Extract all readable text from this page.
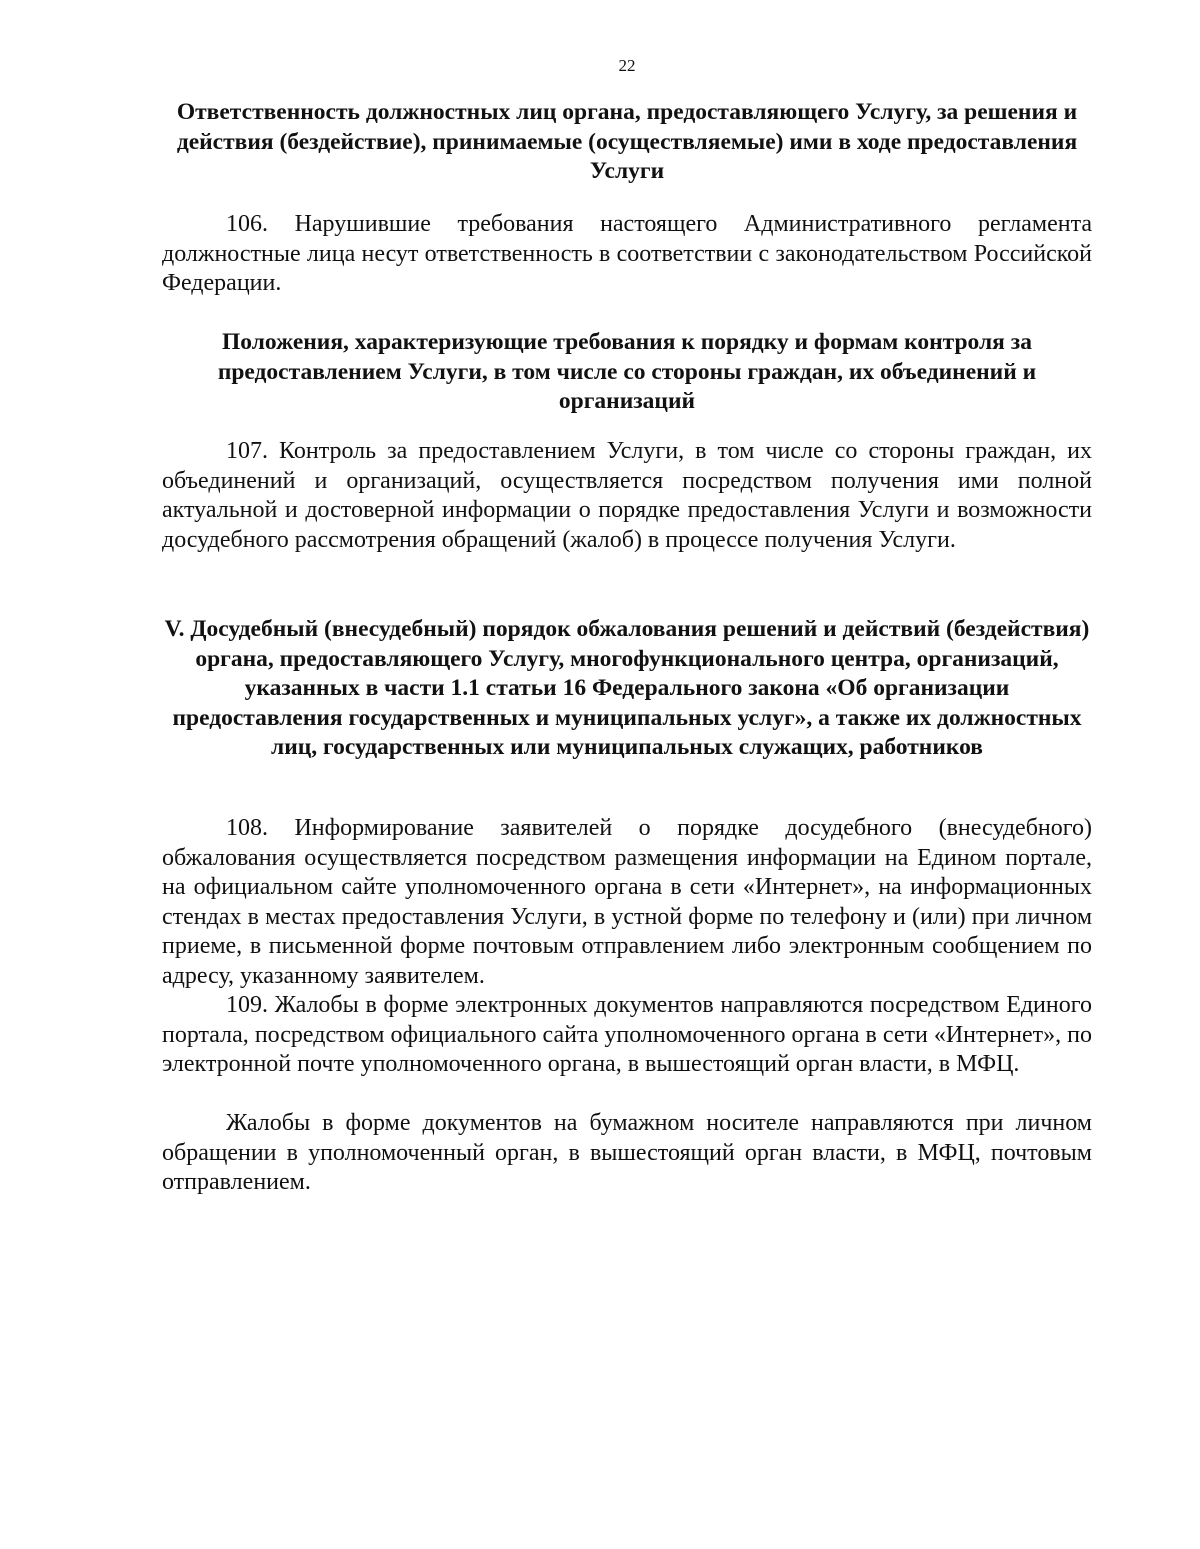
22
Ответственность должностных лиц органа, предоставляющего Услугу, за решения и действия (бездействие), принимаемые (осуществляемые) ими в ходе предоставления Услуги

106. Нарушившие требования настоящего Административного регламента должностные лица несут ответственность в соответствии с законодательством Российской Федерации.

Положения, характеризующие требования к порядку и формам контроля за предоставлением Услуги, в том числе со стороны граждан, их объединений и организаций

107. Контроль за предоставлением Услуги, в том числе со стороны граждан, их объединений и организаций, осуществляется посредством получения ими полной актуальной и достоверной информации о порядке предоставления Услуги и возможности досудебного рассмотрения обращений (жалоб) в процессе получения Услуги.

V. Досудебный (внесудебный) порядок обжалования решений и действий (бездействия) органа, предоставляющего Услугу, многофункционального центра, организаций, указанных в части 1.1 статьи 16 Федерального закона «Об организации предоставления государственных и муниципальных услуг», а также их должностных лиц, государственных или муниципальных служащих, работников

108. Информирование заявителей о порядке досудебного (внесудебного) обжалования осуществляется посредством размещения информации на Едином портале, на официальном сайте уполномоченного органа в сети «Интернет», на информационных стендах в местах предоставления Услуги, в устной форме по телефону и (или) при личном приеме, в письменной форме почтовым отправлением либо электронным сообщением по адресу, указанному заявителем.

109. Жалобы в форме электронных документов направляются посредством Единого портала, посредством официального сайта уполномоченного органа в сети «Интернет», по электронной почте уполномоченного органа, в вышестоящий орган власти, в МФЦ.

Жалобы в форме документов на бумажном носителе направляются при личном обращении в уполномоченный орган, в вышестоящий орган власти, в МФЦ, почтовым отправлением.
